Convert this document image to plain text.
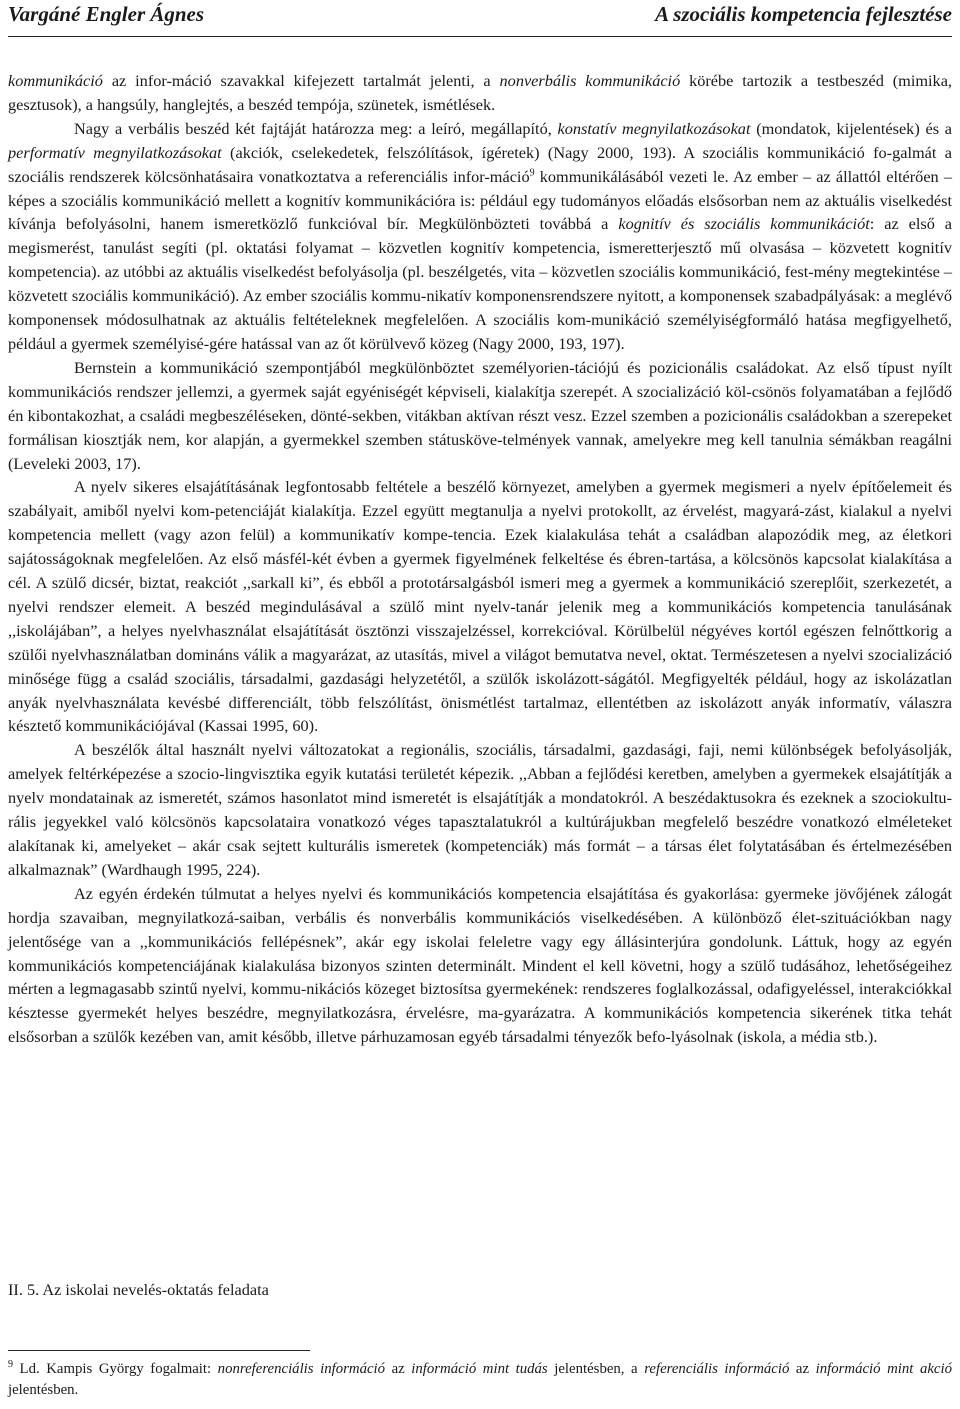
Vargáné Engler Ágnes	A szociális kompetencia fejlesztése

kommunikáció az infor-máció szavakkal kifejezett tartalmát jelenti, a nonverbális kommunikáció körébe tartozik a testbeszéd (mimika, gesztusok), a hangsúly, hanglejtés, a beszéd tempója, szünetek, ismétlések.

Nagy a verbális beszéd két fajtáját határozza meg: a leíró, megállapító, konstatív megnyilatkozásokat (mondatok, kijelentések) és a performatív megnyilatkozásokat (akciók, cselekedetek, felszólítások, ígéretek) (Nagy 2000, 193). A szociális kommunikáció fo-galmát a szociális rendszerek kölcsönhatásaira vonatkoztatva a referenciális infor-máció$^9$ kommunikálásából vezeti le. Az ember – az állattól eltérően – képes a szociális kommunikáció mellett a kognitív kommunikációra is: például egy tudományos előadás elsősorban nem az aktuális viselkedést kívánja befolyásolni, hanem ismeretközlő funkcióval bír. Megkülönbözteti továbbá a kognitív és szociális kommunikációt: az első a megismerést, tanulást segíti (pl. oktatási folyamat – közvetlen kognitív kompetencia, ismeretterjesztő mű olvasása – közvetett kognitív kompetencia). az utóbbi az aktuális viselkedést befolyásolja (pl. beszélgetés, vita – közvetlen szociális kommunikáció, fest-mény megtekintése – közvetett szociális kommunikáció). Az ember szociális kommu-nikatív komponensrendszere nyitott, a komponensek szabadpályásak: a meglévő komponensek módosulhatnak az aktuális feltételeknek megfelelően. A szociális kom-munikáció személyiségformáló hatása megfigyelhető, például a gyermek személyisé-gére hatással van az őt körülvevő közeg (Nagy 2000, 193, 197).

Bernstein a kommunikáció szempontjából megkülönböztet személyorien-tációjú és pozicionális családokat. Az első típust nyílt kommunikációs rendszer jellemzi, a gyermek saját egyéniségét képviseli, kialakítja szerepét. A szocializáció köl-csönös folyamatában a fejlődő én kibontakozhat, a családi megbeszéléseken, dönté-sekben, vitákban aktívan részt vesz. Ezzel szemben a pozicionális családokban a szerepeket formálisan kiosztják nem, kor alapján, a gyermekkel szemben státusköve-telmények vannak, amelyekre meg kell tanulnia sémákban reagálni (Leveleki 2003, 17).

A nyelv sikeres elsajátításának legfontosabb feltétele a beszélő környezet, amelyben a gyermek megismeri a nyelv építőelemeit és szabályait, amiből nyelvi kom-petenciáját kialakítja. Ezzel együtt megtanulja a nyelvi protokollt, az érvelést, magyará-zást, kialakul a nyelvi kompetencia mellett (vagy azon felül) a kommunikatív kompe-tencia. Ezek kialakulása tehát a családban alapozódik meg, az életkori sajátosságoknak megfelelően. Az első másfél-két évben a gyermek figyelmének felkeltése és ébren-tartása, a kölcsönös kapcsolat kialakítása a cél. A szülő dicsér, biztat, reakciót ,,sarkall ki”, és ebből a prototársalgásból ismeri meg a gyermek a kommunikáció szereplőit, szerkezetét, a nyelvi rendszer elemeit. A beszéd megindulásával a szülő mint nyelv-tanár jelenik meg a kommunikációs kompetencia tanulásának ,,iskolájában”, a helyes nyelvhasználat elsajátítását ösztönzi visszajelzéssel, korrekcióval. Körülbelül négyéves kortól egészen felnőttkorig a szülői nyelvhasználatban domináns válik a magyarázat, az utasítás, mivel a világot bemutatva nevel, oktat. Természetesen a nyelvi szocializáció minősége függ a család szociális, társadalmi, gazdasági helyzetétől, a szülők iskolázott-ságától. Megfigyelték például, hogy az iskolázatlan anyák nyelvhasználata kevésbé differenciált, több felszólítást, önismétlést tartalmaz, ellentétben az iskolázott anyák informatív, válaszra késztető kommunikációjával (Kassai 1995, 60).

A beszélők által használt nyelvi változatokat a regionális, szociális, társadalmi, gazdasági, faji, nemi különbségek befolyásolják, amelyek feltérképezése a szocio-lingvisztika egyik kutatási területét képezik. ,,Abban a fejlődési keretben, amelyben a gyermekek elsajátítják a nyelv mondatainak az ismeretét, számos hasonlatot mind ismeretét is elsajátítják a mondatokról. A beszédaktusokra és ezeknek a szociokultu-rális jegyekkel való kölcsönös kapcsolataira vonatkozó véges tapasztalatukról a kultúrájukban megfelelő beszédre vonatkozó elméleteket alakítanak ki, amelyeket – akár csak sejtett kulturális ismeretek (kompetenciák) más formát – a társas élet folytatásában és értelmezésében alkalmaznak” (Wardhaugh 1995, 224).

Az egyén érdekén túlmutat a helyes nyelvi és kommunikációs kompetencia elsajátítása és gyakorlása: gyermeke jövőjének zálogát hordja szavaiban, megnyilatkozá-saiban, verbális és nonverbális kommunikációs viselkedésében. A különböző élet-szituációkban nagy jelentősége van a ,,kommunikációs fellépésnek”, akár egy iskolai feleletre vagy egy állásinterjúra gondolunk. Láttuk, hogy az egyén kommunikációs kompetenciájának kialakulása bizonyos szinten determinált. Mindent el kell követni, hogy a szülő tudásához, lehetőségeihez mérten a legmagasabb szintű nyelvi, kommu-nikációs közeget biztosítsa gyermekének: rendszeres foglalkozással, odafigyeléssel, interakciókkal késztesse gyermekét helyes beszédre, megnyilatkozásra, érvelésre, ma-gyarázatra. A kommunikációs kompetencia sikerének titka tehát elsősorban a szülők kezében van, amit később, illetve párhuzamosan egyéb társadalmi tényezők befo-lyásolnak (iskola, a média stb.).

II. 5. Az iskolai nevelés-oktatás feladata
$^9$ Ld. Kampis György fogalmait: nonreferenciális információ az információ mint tudás jelentésben, a referenciális információ az információ mint akció jelentésben.
